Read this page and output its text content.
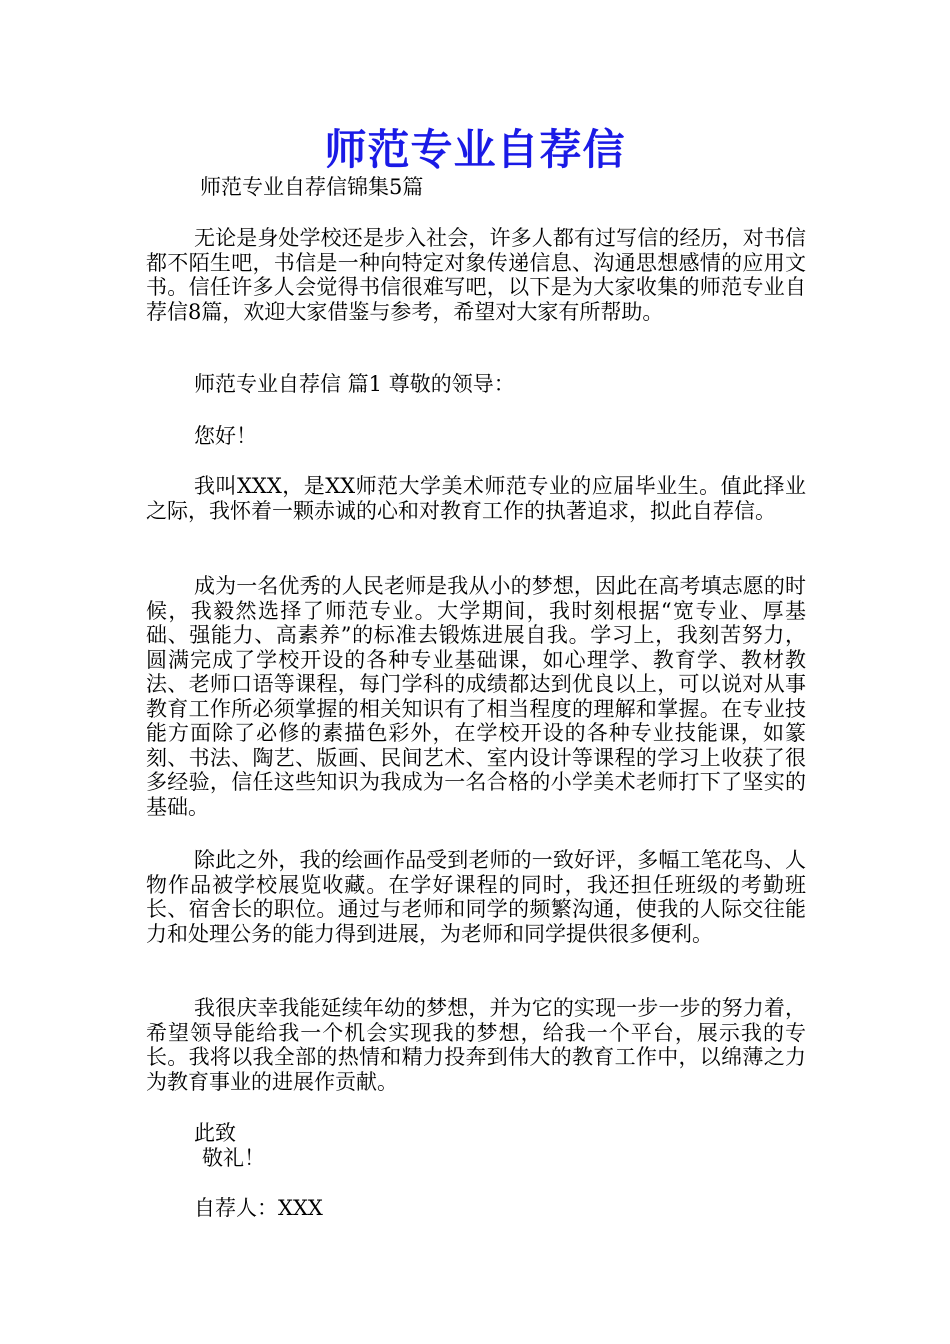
师范专业自荐信
师范专业自荐信锦集5篇

无论是身处学校还是步入社会，许多人都有过写信的经历，对书信都不陌生吧，书信是一种向特定对象传递信息、沟通思想感情的应用文书。信任许多人会觉得书信很难写吧，以下是为大家收集的师范专业自荐信8篇，欢迎大家借鉴与参考，希望对大家有所帮助。

师范专业自荐信 篇1 尊敬的领导：
您好！

我叫XXX，是XX师范大学美术师范专业的应届毕业生。值此择业之际，我怀着一颗赤诚的心和对教育工作的执著追求，拟此自荐信。

成为一名优秀的人民老师是我从小的梦想，因此在高考填志愿的时候，我毅然选择了师范专业。大学期间，我时刻根据“宽专业、厚基础、强能力、高素养”的标准去锻炼进展自我。学习上，我刻苦努力，圆满完成了学校开设的各种专业基础课，如心理学、教育学、教材教法、老师口语等课程，每门学科的成绩都达到优良以上，可以说对从事教育工作所必须掌握的相关知识有了相当程度的理解和掌握。在专业技能方面除了必修的素描色彩外，在学校开设的各种专业技能课，如篆刻、书法、陶艺、版画、民间艺术、室内设计等课程的学习上收获了很多经验，信任这些知识为我成为一名合格的小学美术老师打下了坚实的基础。

除此之外，我的绘画作品受到老师的一致好评，多幅工笔花鸟、人物作品被学校展览收藏。在学好课程的同时，我还担任班级的考勤班长、宿舍长的职位。通过与老师和同学的频繁沟通，使我的人际交往能力和处理公务的能力得到进展，为老师和同学提供很多便利。

我很庆幸我能延续年幼的梦想，并为它的实现一步一步的努力着，希望领导能给我一个机会实现我的梦想，给我一个平台，展示我的专长。我将以我全部的热情和精力投奔到伟大的教育工作中，以绵薄之力为教育事业的进展作贡献。

此致
敬礼！
自荐人：XXX
